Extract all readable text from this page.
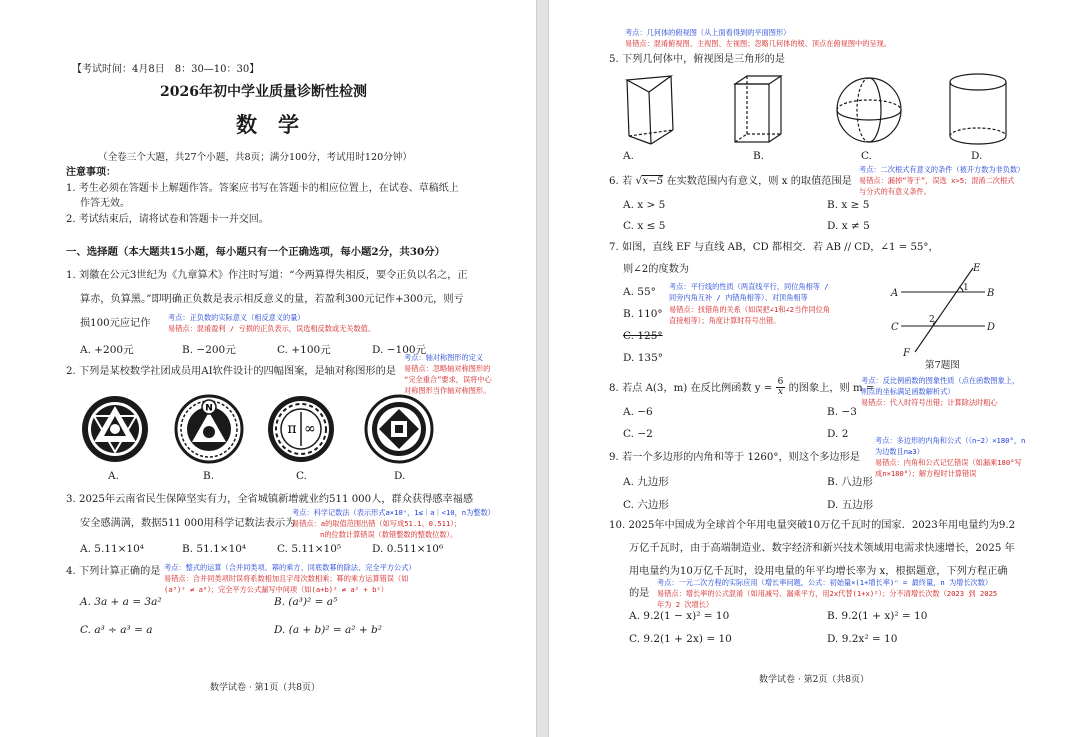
【考试时间：4月8日　8：30—10：30】
2026年初中学业质量诊断性检测
数　学
（全卷三个大题，共27个小题，共8页；满分100分，考试用时120分钟）
注意事项：
1. 考生必须在答题卡上解题作答。答案应书写在答题卡的相应位置上，在试卷、草稿纸上
作答无效。
2. 考试结束后，请将试卷和答题卡一并交回。
一、选择题（本大题共15小题，每小题只有一个正确选项，每小题2分，共30分）
1. 刘徽在公元3世纪为《九章算术》作注时写道：“今两算得失相反，要令正负以名之，正
算赤，负算黑。”即明确正负数是表示相反意义的量，若盈利300元记作+300元，则亏
损100元应记作
考点：正负数的实际意义（相反意义的量）
易错点：混淆盈利 / 亏损的正负表示，误选相反数或无关数值。
A. +200元	B. −200元	C. +100元	D. −100元
2. 下列是某校数学社团成员用AI软件设计的四幅图案，是轴对称图形的是
考点：轴对称图形的定义
易错点：忽略轴对称图形的
“完全重合”要求，误将中心
对称图形当作轴对称图形。
N
π ∞
A.	B.	C.	D.
3. 2025年云南省民生保障坚实有力，全省城镇新增就业约511 000人，群众获得感幸福感
安全感满满，数据511 000用科学记数法表示为
考点：科学记数法（表示形式a×10ⁿ，1≤｜a｜<10，n为整数）
易错点：a的取值范围出错（如写成51.1、0.511）；
n的位数计算错误（数错整数的整数位数）。
A. 5.11×10⁴	B. 51.1×10⁴	C. 5.11×10⁵	D. 0.511×10⁶
4. 下列计算正确的是 考点：整式的运算（合并同类项、幂的乘方、同底数幂的除法、完全平方公式）
易错点：合并同类项时误将系数相加且字母次数相乘；幂的乘方运算错误（如
(a³)² ≠ a⁶）；完全平方公式漏写中间项（如(a+b)² ≠ a² + b²）
A. 3a + a = 3a²	B. (a³)² = a⁵
C. a³ ÷ a³ = a	D. (a + b)² = a² + b²
数学试卷 · 第1页（共8页）
考点：几何体的俯视图（从上面看得到的平面图形）
易错点：混淆俯视图、主视图、左视图；忽略几何体的棱、顶点在俯视图中的呈现。
5. 下列几何体中，俯视图是三角形的是
A.	B.	C.	D.
考点：二次根式有意义的条件（被开方数为非负数）
易错点：漏掉“等于”，误选 x>5；混淆二次根式
与分式的有意义条件。
6. 若 √x−5 在实数范围内有意义，则 x 的取值范围是
A. x > 5	B. x ≥ 5
C. x ≤ 5	D. x ≠ 5
7. 如图，直线 EF 与直线 AB，CD 都相交．若 AB // CD，∠1 = 55°，
则∠2的度数为
考点：平行线的性质（两直线平行，同位角相等 /
同旁内角互补 / 内错角相等）、对顶角相等
易错点：找错角的关系（如误把∠1和∠2当作同位角
直接相等）；角度计算时符号出错。
A. 55°
B. 110°
C. 125°
D. 135°
E
A	1 B
C
2
D
F
第7题图
8. 若点 A(3，m) 在反比例函数 $y = \frac{6}{x}$ 的图象上，则 m =
考点：反比例函数的图象性质（点在函数图象上，
则点的坐标满足函数解析式）
易错点：代入时符号出错；计算除法时粗心
A. −6	B. −3
C. −2	D. 2
考点：多边形的内角和公式（（n−2）×180°，n
为边数且n≥3）
易错点：内角和公式记忆错误（如漏乘180°写
成n×180°）；解方程时计算错误
9. 若一个多边形的内角和等于 1260°，则这个多边形是
A. 九边形	B. 八边形
C. 六边形	D. 五边形
10. 2025年中国成为全球首个年用电量突破10万亿千瓦时的国家．2023年用电量约为9.2
万亿千瓦时，由于高端制造业、数字经济和新兴技术领域用电需求快速增长，2025 年
用电量约为10万亿千瓦时，设用电量的年平均增长率为 x，根据题意，下列方程正确
考点：一元二次方程的实际应用（增长率问题，公式：初始量×(1+增长率)ⁿ = 最终量，n 为增长次数）
的是 易错点：增长率的公式混淆（如用减号、漏乘平方，用2x代替(1+x)²）；分不清增长次数（2023 到 2025
年为 2 次增长）
A. 9.2(1 − x)² = 10	B. 9.2(1 + x)² = 10
C. 9.2(1 + 2x) = 10	D. 9.2x² = 10
数学试卷 · 第2页（共8页）
